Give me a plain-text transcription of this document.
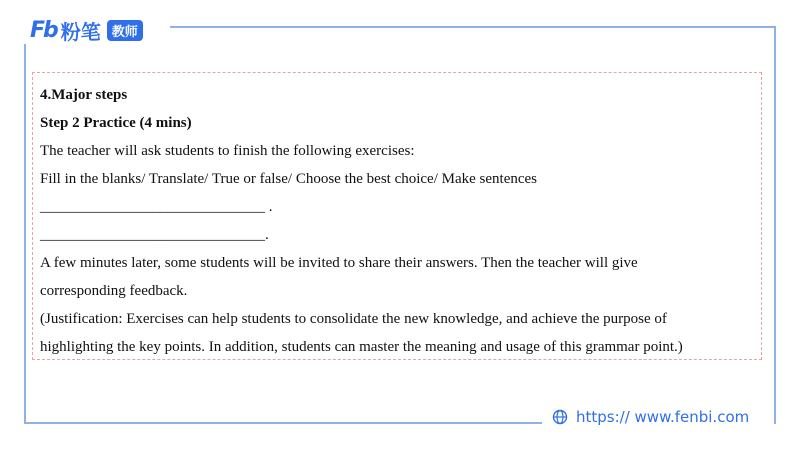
Fb 粉笔 教师
4.Major steps
Step 2 Practice (4 mins)
The teacher will ask students to finish the following exercises:
Fill in the blanks/ Translate/ True or false/ Choose the best choice/ Make sentences
______________________________ .
______________________________.
A few minutes later, some students will be invited to share their answers. Then the teacher will give
corresponding feedback.
(Justification: Exercises can help students to consolidate the new knowledge, and achieve the purpose of
highlighting the key points. In addition, students can master the meaning and usage of this grammar point.)
https:// www.fenbi.com
